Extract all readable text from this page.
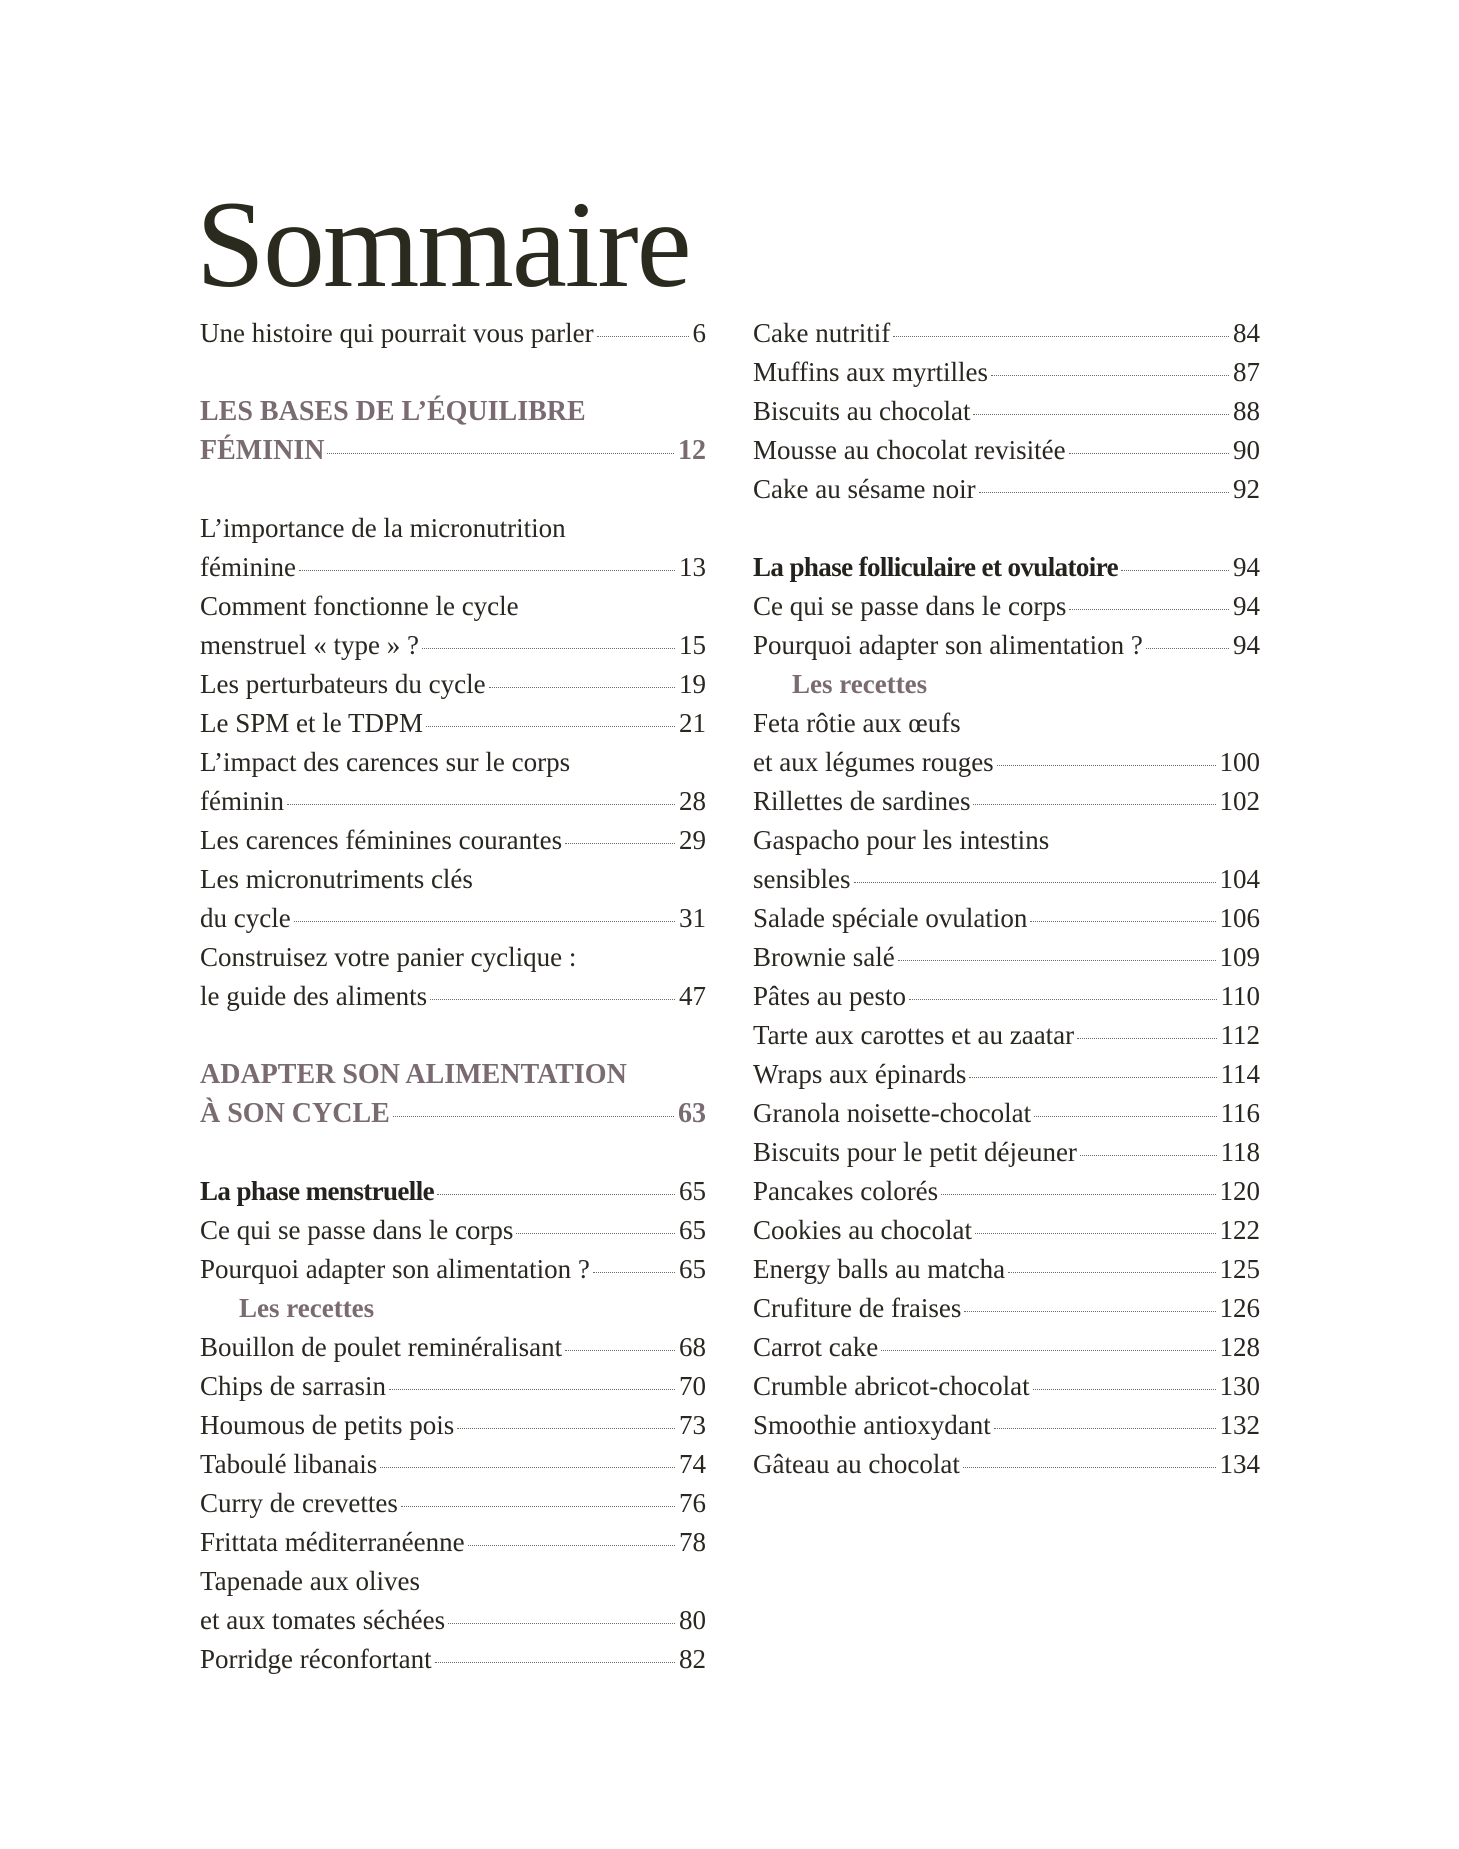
Sommaire
Une histoire qui pourrait vous parler	6
LES BASES DE L’ÉQUILIBRE
FÉMININ	12
L’importance de la micronutrition
féminine	13
Comment fonctionne le cycle
menstruel « type » ?	15
Les perturbateurs du cycle	19
Le SPM et le TDPM	21
L’impact des carences sur le corps
féminin	28
Les carences féminines courantes	29
Les micronutriments clés
du cycle	31
Construisez votre panier cyclique :
le guide des aliments	47
ADAPTER SON ALIMENTATION
À SON CYCLE	63
La phase menstruelle	65
Ce qui se passe dans le corps	65
Pourquoi adapter son alimentation ?	65
Les recettes
Bouillon de poulet reminéralisant	68
Chips de sarrasin	70
Houmous de petits pois	73
Taboulé libanais	74
Curry de crevettes	76
Frittata méditerranéenne	78
Tapenade aux olives
et aux tomates séchées	80
Porridge réconfortant	82
Cake nutritif	84
Muffins aux myrtilles	87
Biscuits au chocolat	88
Mousse au chocolat revisitée	90
Cake au sésame noir	92
La phase folliculaire et ovulatoire	94
Ce qui se passe dans le corps	94
Pourquoi adapter son alimentation ?	94
Les recettes
Feta rôtie aux œufs
et aux légumes rouges	100
Rillettes de sardines	102
Gaspacho pour les intestins
sensibles	104
Salade spéciale ovulation	106
Brownie salé	109
Pâtes au pesto	110
Tarte aux carottes et au zaatar	112
Wraps aux épinards	114
Granola noisette-chocolat	116
Biscuits pour le petit déjeuner	118
Pancakes colorés	120
Cookies au chocolat	122
Energy balls au matcha	125
Crufiture de fraises	126
Carrot cake	128
Crumble abricot-chocolat	130
Smoothie antioxydant	132
Gâteau au chocolat	134
